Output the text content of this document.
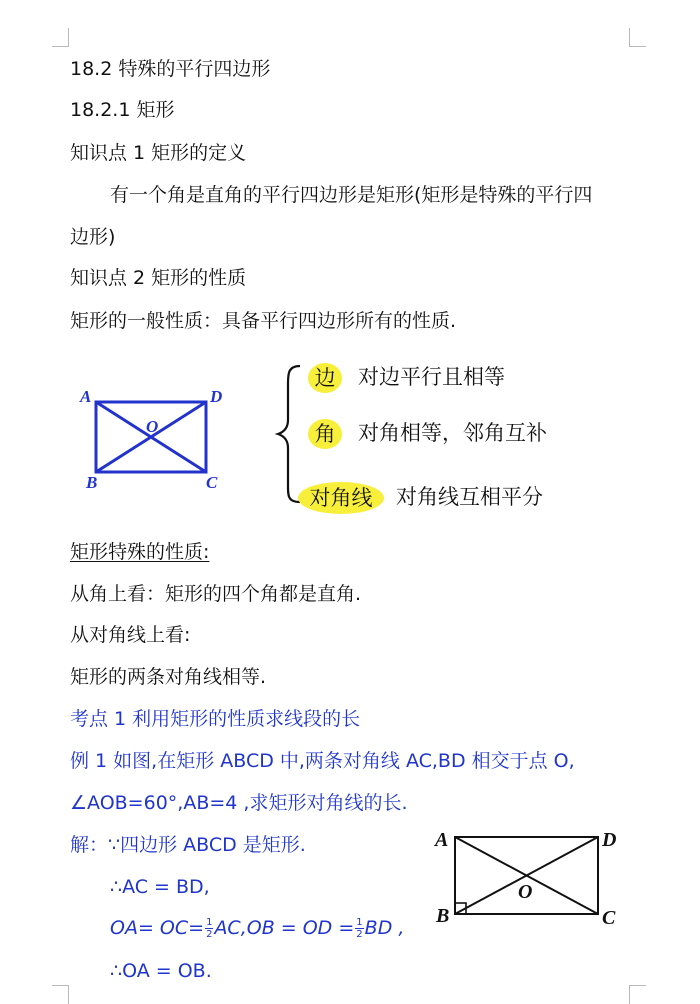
18.2 特殊的平行四边形
18.2.1 矩形
知识点 1 矩形的定义
有一个角是直角的平行四边形是矩形(矩形是特殊的平行四
边形)
知识点 2 矩形的性质
矩形的一般性质：具备平行四边形所有的性质.
A	D
B	C
O
边	对边平行且相等
角	对角相等，邻角互补
对角线	对角线互相平分
矩形特殊的性质:
从角上看：矩形的四个角都是直角.
从对角线上看:
矩形的两条对角线相等.
考点 1 利用矩形的性质求线段的长
例 1 如图,在矩形 ABCD 中,两条对角线 AC,BD 相交于点 O,
∠AOB=60°,AB=4 ,求矩形对角线的长.
解：∵四边形 ABCD 是矩形.
∴AC = BD,
$OA= OC= \frac{1}{2} AC,OB$ = OD = $\frac{1}{2}$ BD ,
∴OA = OB.
A	D
B	C
O
